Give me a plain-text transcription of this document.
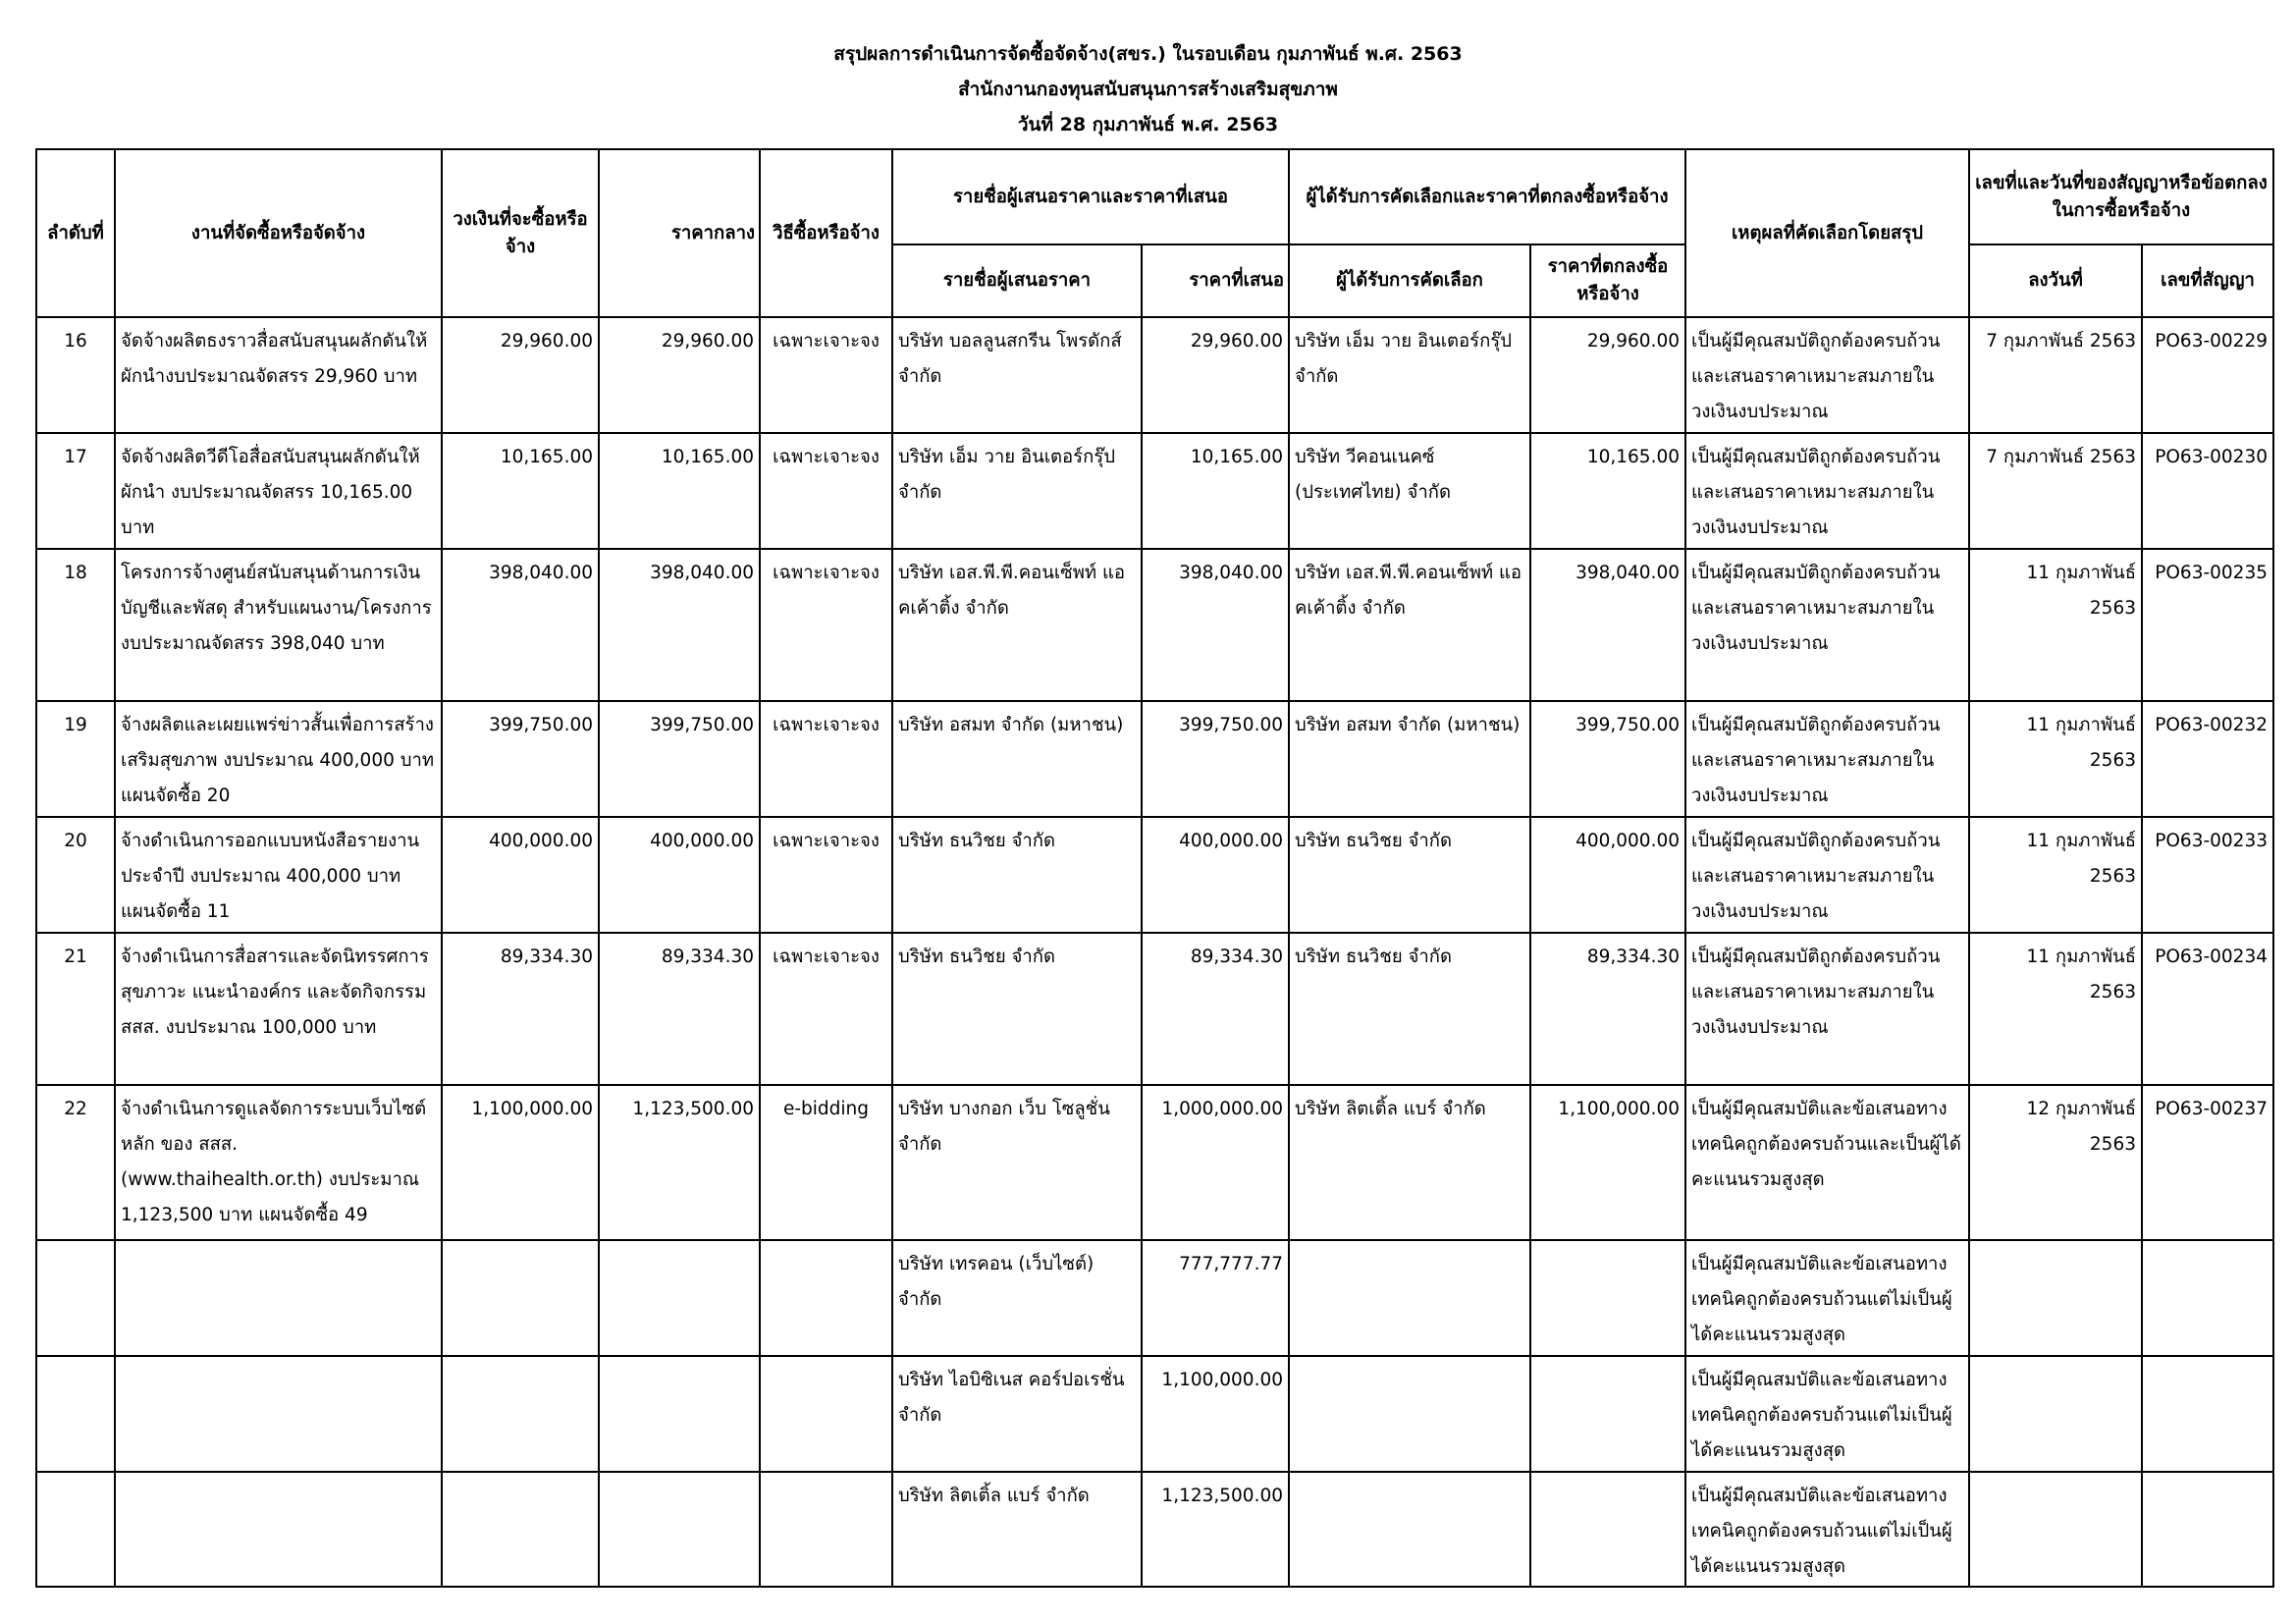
สรุปผลการดำเนินการจัดซื้อจัดจ้าง(สขร.) ในรอบเดือน กุมภาพันธ์ พ.ศ. 2563
สำนักงานกองทุนสนับสนุนการสร้างเสริมสุขภาพ
วันที่ 28 กุมภาพันธ์ พ.ศ. 2563
ลำดับที่	งานที่จัดซื้อหรือจัดจ้าง	วงเงินที่จะซื้อหรือจ้าง	ราคากลาง	วิธีซื้อหรือจ้าง	รายชื่อผู้เสนอราคาและราคาที่เสนอ		ผู้ได้รับการคัดเลือกและราคาที่ตกลงซื้อหรือจ้าง		เหตุผลที่คัดเลือกโดยสรุป	เลขที่และวันที่ของสัญญาหรือข้อตกลงในการซื้อหรือจ้าง	
					รายชื่อผู้เสนอราคา	ราคาที่เสนอ	ผู้ได้รับการคัดเลือก	ราคาที่ตกลงซื้อหรือจ้าง		ลงวันที่	เลขที่สัญญา
16	จัดจ้างผลิตธงราวสื่อสนับสนุนผลักดันให้ผักนำงบประมาณจัดสรร 29,960 บาท	29,960.00	29,960.00	เฉพาะเจาะจง	บริษัท บอลลูนสกรีน โพรดักส์ จำกัด	29,960.00	บริษัท เอ็ม วาย อินเตอร์กรุ๊ป จำกัด	29,960.00	เป็นผู้มีคุณสมบัติถูกต้องครบถ้วนและเสนอราคาเหมาะสมภายในวงเงินงบประมาณ	7 กุมภาพันธ์ 2563	PO63-00229
17	จัดจ้างผลิตวีดีโอสื่อสนับสนุนผลักดันให้ผักนำ งบประมาณจัดสรร 10,165.00 บาท	10,165.00	10,165.00	เฉพาะเจาะจง	บริษัท เอ็ม วาย อินเตอร์กรุ๊ป จำกัด	10,165.00	บริษัท วีคอนเนคซ์ (ประเทศไทย) จำกัด	10,165.00	เป็นผู้มีคุณสมบัติถูกต้องครบถ้วนและเสนอราคาเหมาะสมภายในวงเงินงบประมาณ	7 กุมภาพันธ์ 2563	PO63-00230
18	โครงการจ้างศูนย์สนับสนุนด้านการเงินบัญชีและพัสดุ สำหรับแผนงาน/โครงการ งบประมาณจัดสรร 398,040 บาท	398,040.00	398,040.00	เฉพาะเจาะจง	บริษัท เอส.พี.พี.คอนเซ็พท์ แอคเค้าติ้ง จำกัด	398,040.00	บริษัท เอส.พี.พี.คอนเซ็พท์ แอคเค้าติ้ง จำกัด	398,040.00	เป็นผู้มีคุณสมบัติถูกต้องครบถ้วนและเสนอราคาเหมาะสมภายในวงเงินงบประมาณ	11 กุมภาพันธ์ 2563	PO63-00235
19	จ้างผลิตและเผยแพร่ข่าวสั้นเพื่อการสร้างเสริมสุขภาพ งบประมาณ 400,000 บาท แผนจัดซื้อ 20	399,750.00	399,750.00	เฉพาะเจาะจง	บริษัท อสมท จำกัด (มหาชน)	399,750.00	บริษัท อสมท จำกัด (มหาชน)	399,750.00	เป็นผู้มีคุณสมบัติถูกต้องครบถ้วนและเสนอราคาเหมาะสมภายในวงเงินงบประมาณ	11 กุมภาพันธ์ 2563	PO63-00232
20	จ้างดำเนินการออกแบบหนังสือรายงานประจำปี งบประมาณ 400,000 บาท แผนจัดซื้อ 11	400,000.00	400,000.00	เฉพาะเจาะจง	บริษัท ธนวิชย จำกัด	400,000.00	บริษัท ธนวิชย จำกัด	400,000.00	เป็นผู้มีคุณสมบัติถูกต้องครบถ้วนและเสนอราคาเหมาะสมภายในวงเงินงบประมาณ	11 กุมภาพันธ์ 2563	PO63-00233
21	จ้างดำเนินการสื่อสารและจัดนิทรรศการสุขภาวะ แนะนำองค์กร และจัดกิจกรรม สสส. งบประมาณ 100,000 บาท	89,334.30	89,334.30	เฉพาะเจาะจง	บริษัท ธนวิชย จำกัด	89,334.30	บริษัท ธนวิชย จำกัด	89,334.30	เป็นผู้มีคุณสมบัติถูกต้องครบถ้วนและเสนอราคาเหมาะสมภายในวงเงินงบประมาณ	11 กุมภาพันธ์ 2563	PO63-00234
22	จ้างดำเนินการดูแลจัดการระบบเว็บไซต์หลัก ของ สสส. (www.thaihealth.or.th) งบประมาณ 1,123,500 บาท แผนจัดซื้อ 49	1,100,000.00	1,123,500.00	e-bidding	บริษัท บางกอก เว็บ โซลูชั่น จำกัด	1,000,000.00	บริษัท ลิตเติ้ล แบร์ จำกัด	1,100,000.00	เป็นผู้มีคุณสมบัติและข้อเสนอทางเทคนิคถูกต้องครบถ้วนและเป็นผู้ได้คะแนนรวมสูงสุด	12 กุมภาพันธ์ 2563	PO63-00237
					บริษัท เทรคอน (เว็บไซต์) จำกัด	777,777.77			เป็นผู้มีคุณสมบัติและข้อเสนอทางเทคนิคถูกต้องครบถ้วนแต่ไม่เป็นผู้ได้คะแนนรวมสูงสุด		
					บริษัท ไอบิซิเนส คอร์ปอเรชั่น จำกัด	1,100,000.00			เป็นผู้มีคุณสมบัติและข้อเสนอทางเทคนิคถูกต้องครบถ้วนแต่ไม่เป็นผู้ได้คะแนนรวมสูงสุด		
					บริษัท ลิตเติ้ล แบร์ จำกัด	1,123,500.00			เป็นผู้มีคุณสมบัติและข้อเสนอทางเทคนิคถูกต้องครบถ้วนแต่ไม่เป็นผู้ได้คะแนนรวมสูงสุด		
